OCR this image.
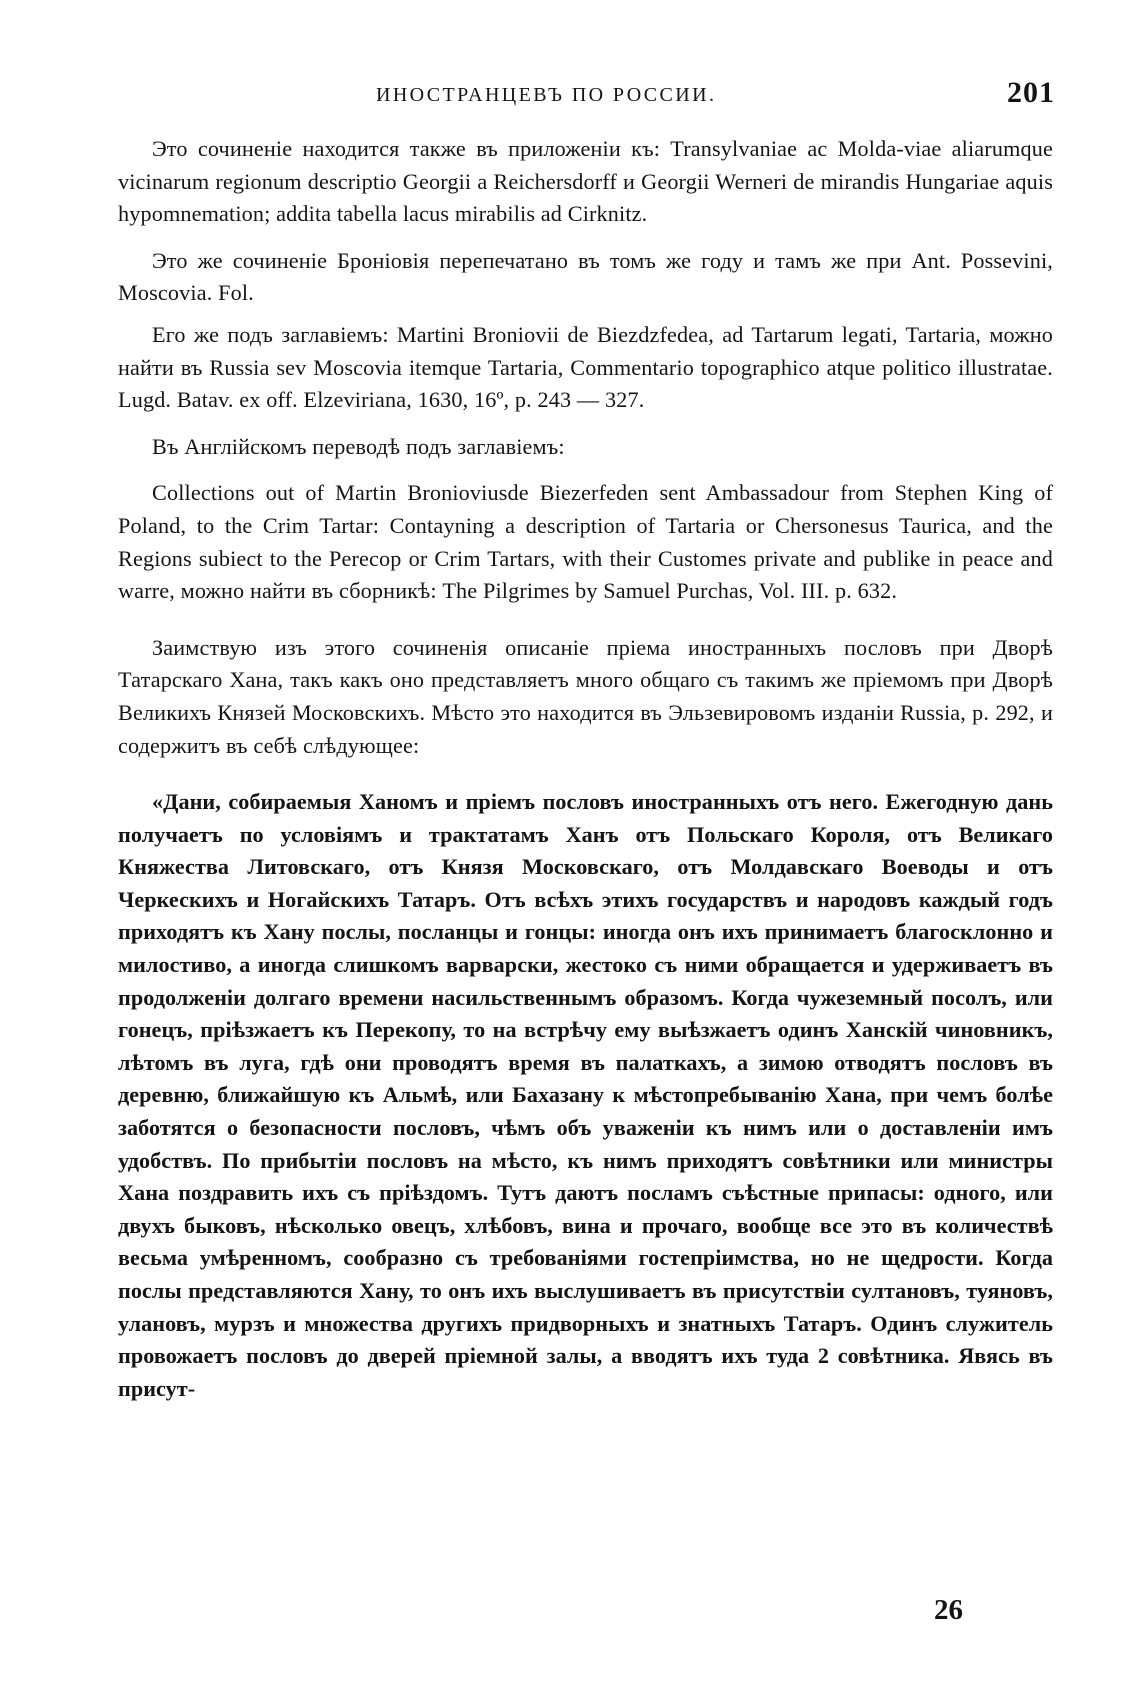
ИНОСТРАНЦЕВЪ ПО РОССИИ.	201

Это сочиненіе находится также въ приложеніи къ: Transylvaniae ac Molda-viae aliarumque vicinarum regionum descriptio Georgii a Reichersdorff и Georgii Werneri de mirandis Hungariae aquis hypomnematiоn; addita tabella lacus mirabilis ad Cirknitz.

Это же сочиненіе Броніовія перепечатано въ томъ же году и тамъ же при Ant. Possevini, Moscovia. Fol.

Его же подъ заглавіемъ: Martini Broniovii de Biezdzfedea, ad Tartarum legati, Tartaria, можно найти въ Russia sev Moscovia itemque Tartaria, Commentario topographico atque politico illustratae. Lugd. Batav. ex off. Elzeviriana, 1630, 16º, p. 243 — 327.

Въ Англійскомъ переводѣ подъ заглавіемъ:

Collections out of Martin Bronioviusde Biezerfeden sent Ambassadour from Stephen King of Poland, to the Crim Tartar: Contayning a description of Tartaria or Chersonesus Taurica, and the Regions subiect to the Perecop or Crim Tartars, with their Customes private and publike in peace and warre, можно найти въ сборникѣ: The Pilgrimes by Samuel Purchas, Vol. III. p. 632.

Заимствую изъ этого сочиненія описаніе пріема иностранныхъ пословъ при Дворѣ Татарскаго Хана, такъ какъ оно представляетъ много общаго съ такимъ же пріемомъ при Дворѣ Великихъ Князей Московскихъ. Мѣсто это находится въ Эльзевировомъ изданіи Russia, p. 292, и содержитъ въ себѣ слѣдующее:

«Дани, собираемыя Ханомъ и пріемъ пословъ иностранныхъ отъ него. Ежегодную дань получаетъ по условіямъ и трактатамъ Ханъ отъ Польскаго Короля, отъ Великаго Княжества Литовскаго, отъ Князя Московскаго, отъ Молдавскаго Воеводы и отъ Черкескихъ и Ногайскихъ Татаръ. Отъ всѣхъ этихъ государствъ и народовъ каждый годъ приходятъ къ Хану послы, посланцы и гонцы: иногда онъ ихъ принимаетъ благосклонно и милостиво, а иногда слишкомъ варварски, жестоко съ ними обращается и удерживаетъ въ продолженіи долгаго времени насильственнымъ образомъ. Когда чужеземный посолъ, или гонецъ, пріѣзжаетъ къ Перекопу, то на встрѣчу ему выѣзжаетъ одинъ Ханскій чиновникъ, лѣтомъ въ луга, гдѣ они проводятъ время въ палаткахъ, а зимою отводятъ пословъ въ деревню, ближайшую къ Альмѣ, или Бахазану к мѣстопребыванію Хана, при чемъ болѣе заботятся о безопасности пословъ, чѣмъ объ уваженіи къ нимъ или о доставленіи имъ удобствъ. По прибытіи пословъ на мѣсто, къ нимъ приходятъ совѣтники или министры Хана поздравить ихъ съ пріѣздомъ. Тутъ даютъ посламъ съѣстные припасы: одного, или двухъ быковъ, нѣсколько овецъ, хлѣбовъ, вина и прочаго, вообще все это въ количествѣ весьма умѣренномъ, сообразно съ требованіями гостепріимства, но не щедрости. Когда послы представляются Хану, то онъ ихъ выслушиваетъ въ присутствіи султановъ, туяновъ, улановъ, мурзъ и множества другихъ придворныхъ и знатныхъ Татаръ. Одинъ служитель провожаетъ пословъ до дверей пріемной залы, а вводятъ ихъ туда 2 совѣтника. Явясь въ присут-

26
